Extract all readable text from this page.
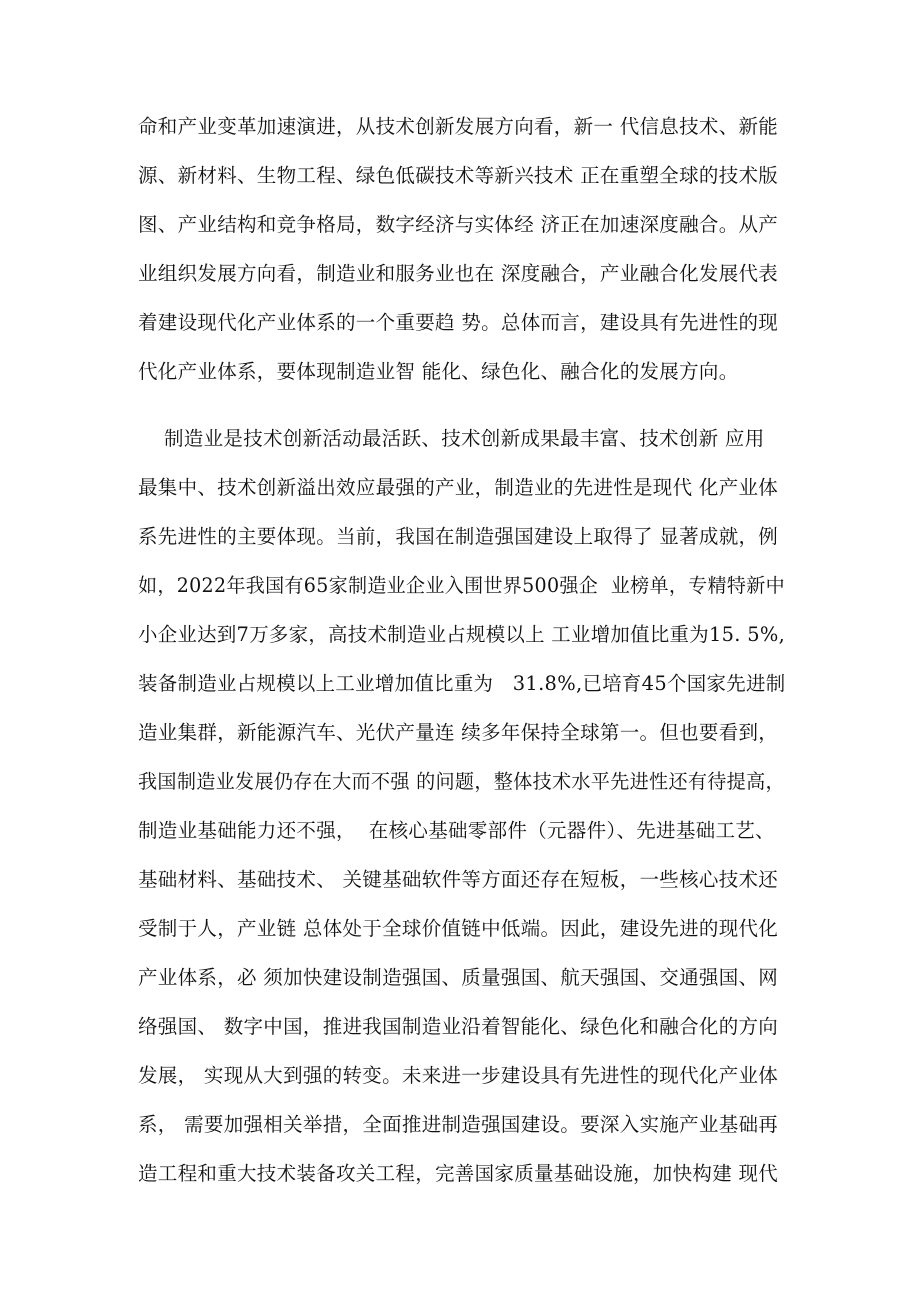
命和产业变革加速演进，从技术创新发展方向看，新一 代信息技术、新能
源、新材料、生物工程、绿色低碳技术等新兴技术 正在重塑全球的技术版
图、产业结构和竞争格局，数字经济与实体经 济正在加速深度融合。从产
业组织发展方向看，制造业和服务业也在 深度融合，产业融合化发展代表
着建设现代化产业体系的一个重要趋 势。总体而言，建设具有先进性的现
代化产业体系，要体现制造业智 能化、绿色化、融合化的发展方向。
制造业是技术创新活动最活跃、技术创新成果最丰富、技术创新 应用
最集中、技术创新溢出效应最强的产业，制造业的先进性是现代 化产业体
系先进性的主要体现。当前，我国在制造强国建设上取得了 显著成就，例
如，2022年我国有65家制造业企业入围世界500强企  业榜单，专精特新中
小企业达到7万多家，高技术制造业占规模以上 工业增加值比重为15. 5%,
装备制造业占规模以上工业增加值比重为   31.8%,已培育45个国家先进制
造业集群，新能源汽车、光伏产量连 续多年保持全球第一。但也要看到，
我国制造业发展仍存在大而不强 的问题，整体技术水平先进性还有待提高，
制造业基础能力还不强，  在核心基础零部件（元器件）、先进基础工艺、
基础材料、基础技术、 关键基础软件等方面还存在短板，一些核心技术还
受制于人，产业链 总体处于全球价值链中低端。因此，建设先进的现代化
产业体系，必 须加快建设制造强国、质量强国、航天强国、交通强国、网
络强国、 数字中国，推进我国制造业沿着智能化、绿色化和融合化的方向
发展， 实现从大到强的转变。未来进一步建设具有先进性的现代化产业体
系， 需要加强相关举措，全面推进制造强国建设。要深入实施产业基础再
造工程和重大技术装备攻关工程，完善国家质量基础设施，加快构建 现代
